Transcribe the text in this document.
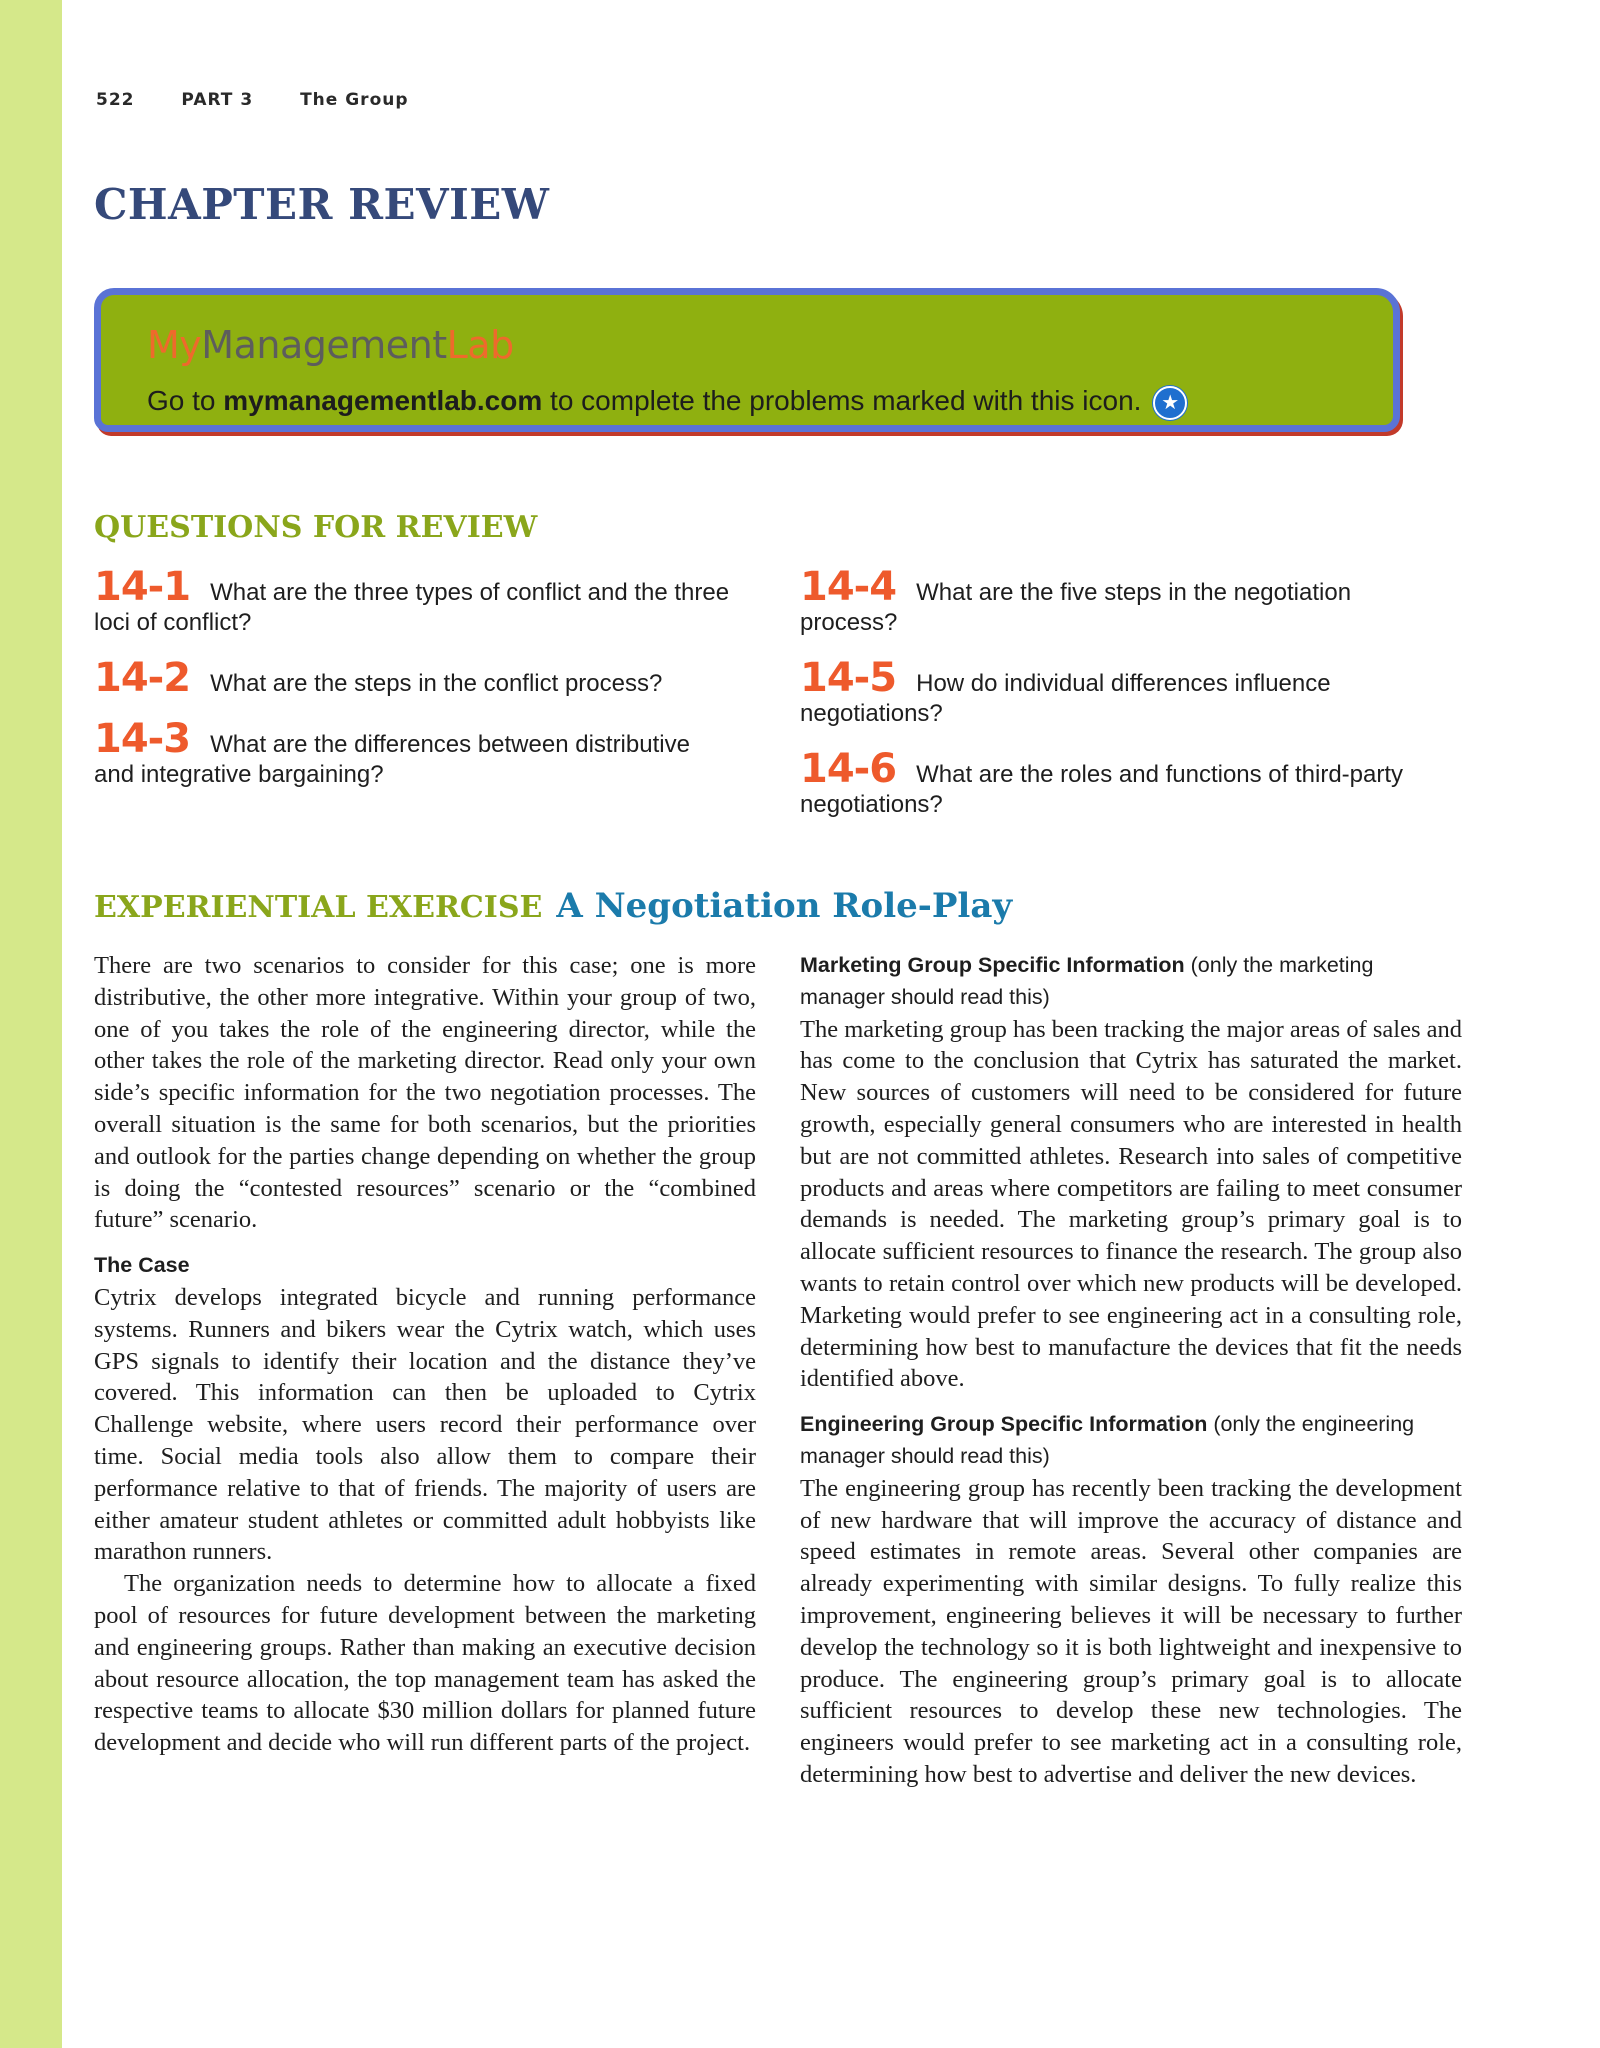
522	PART 3	The Group
CHAPTER REVIEW
MyManagementLab
Go to mymanagementlab.com to complete the problems marked with this icon. ★
QUESTIONS FOR REVIEW
14-1 What are the three types of conflict and the three loci of conflict?
14-2 What are the steps in the conflict process?
14-3 What are the differences between distributive and integrative bargaining?
14-4 What are the five steps in the negotiation process?
14-5 How do individual differences influence negotiations?
14-6 What are the roles and functions of third-party negotiations?
EXPERIENTIAL EXERCISE A Negotiation Role-Play

There are two scenarios to consider for this case; one is more distributive, the other more integrative. Within your group of two, one of you takes the role of the engineering director, while the other takes the role of the marketing director. Read only your own side’s specific information for the two negotiation processes. The overall situation is the same for both scenarios, but the priorities and outlook for the parties change depending on whether the group is doing the “contested resources” scenario or the “combined future” scenario.

The Case

Cytrix develops integrated bicycle and running performance systems. Runners and bikers wear the Cytrix watch, which uses GPS signals to identify their location and the distance they’ve covered. This information can then be uploaded to Cytrix Challenge website, where users record their performance over time. Social media tools also allow them to compare their performance relative to that of friends. The majority of users are either amateur student athletes or committed adult hobbyists like marathon runners.

The organization needs to determine how to allocate a fixed pool of resources for future development between the marketing and engineering groups. Rather than making an executive decision about resource allocation, the top management team has asked the respective teams to allocate $30 million dollars for planned future development and decide who will run different parts of the project.

Marketing Group Specific Information (only the marketing manager should read this)

The marketing group has been tracking the major areas of sales and has come to the conclusion that Cytrix has saturated the market. New sources of customers will need to be considered for future growth, especially general consumers who are interested in health but are not committed athletes. Research into sales of competitive products and areas where competitors are failing to meet consumer demands is needed. The marketing group’s primary goal is to allocate sufficient resources to finance the research. The group also wants to retain control over which new products will be developed. Marketing would prefer to see engineering act in a consulting role, determining how best to manufacture the devices that fit the needs identified above.

Engineering Group Specific Information (only the engineering manager should read this)

The engineering group has recently been tracking the development of new hardware that will improve the accuracy of distance and speed estimates in remote areas. Several other companies are already experimenting with similar designs. To fully realize this improvement, engineering believes it will be necessary to further develop the technology so it is both lightweight and inexpensive to produce. The engineering group’s primary goal is to allocate sufficient resources to develop these new technologies. The engineers would prefer to see marketing act in a consulting role, determining how best to advertise and deliver the new devices.
